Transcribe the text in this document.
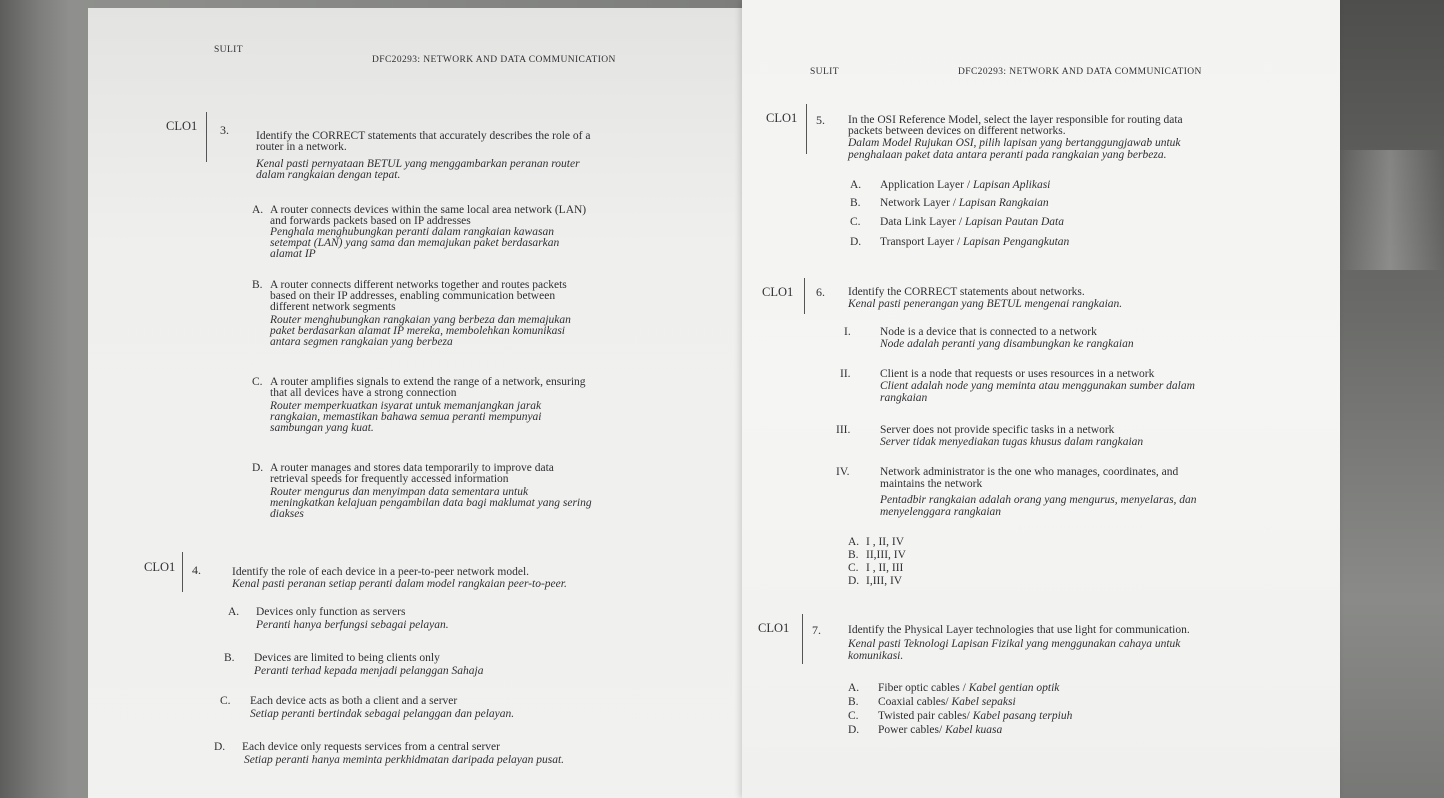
SULIT
DFC20293: NETWORK AND DATA COMMUNICATION
CLO1 3. Identify the CORRECT statements that accurately describes the role of a
router in a network.
Kenal pasti pernyataan BETUL yang menggambarkan peranan router
dalam rangkaian dengan tepat.
A. A router connects devices within the same local area network (LAN)
and forwards packets based on IP addresses
Penghala menghubungkan peranti dalam rangkaian kawasan
setempat (LAN) yang sama dan memajukan paket berdasarkan
alamat IP
B. A router connects different networks together and routes packets
based on their IP addresses, enabling communication between
different network segments
Router menghubungkan rangkaian yang berbeza dan memajukan
paket berdasarkan alamat IP mereka, membolehkan komunikasi
antara segmen rangkaian yang berbeza
C. A router amplifies signals to extend the range of a network, ensuring
that all devices have a strong connection
Router memperkuatkan isyarat untuk memanjangkan jarak
rangkaian, memastikan bahawa semua peranti mempunyai
sambungan yang kuat.
D. A router manages and stores data temporarily to improve data
retrieval speeds for frequently accessed information
Router mengurus dan menyimpan data sementara untuk
meningkatkan kelajuan pengambilan data bagi maklumat yang sering
diakses
CLO1 4.	Identify the role of each device in a peer-to-peer network model.
Kenal pasti peranan setiap peranti dalam model rangkaian peer-to-peer.
A. Devices only function as servers
Peranti hanya berfungsi sebagai pelayan.
B. Devices are limited to being clients only
Peranti terhad kepada menjadi pelanggan Sahaja
C. Each device acts as both a client and a server
Setiap peranti bertindak sebagai pelanggan dan pelayan.
D. Each device only requests services from a central server
Setiap peranti hanya meminta perkhidmatan daripada pelayan pusat.
SULIT	DFC20293: NETWORK AND DATA COMMUNICATION
CLO1 5. In the OSI Reference Model, select the layer responsible for routing data
packets between devices on different networks.
Dalam Model Rujukan OSI, pilih lapisan yang bertanggungjawab untuk
penghalaan paket data antara peranti pada rangkaian yang berbeza.
A. Application Layer / Lapisan Aplikasi
B. Network Layer / Lapisan Rangkaian
C. Data Link Layer / Lapisan Pautan Data
D. Transport Layer / Lapisan Pengangkutan
CLO1 6. Identify the CORRECT statements about networks.
Kenal pasti penerangan yang BETUL mengenai rangkaian.
I.	Node is a device that is connected to a network
Node adalah peranti yang disambungkan ke rangkaian
II.	Client is a node that requests or uses resources in a network
Client adalah node yang meminta atau menggunakan sumber dalam
rangkaian
III.	Server does not provide specific tasks in a network
Server tidak menyediakan tugas khusus dalam rangkaian
IV.	Network administrator is the one who manages, coordinates, and
maintains the network
Pentadbir rangkaian adalah orang yang mengurus, menyelaras, dan
menyelenggara rangkaian
A. I , II, IV
B. II,III, IV
C. I , II, III
D. I,III, IV
CLO1 7. Identify the Physical Layer technologies that use light for communication.
Kenal pasti Teknologi Lapisan Fizikal yang menggunakan cahaya untuk
komunikasi.
A. Fiber optic cables / Kabel gentian optik
B. Coaxial cables/ Kabel sepaksi
C. Twisted pair cables/ Kabel pasang terpiuh
D. Power cables/ Kabel kuasa
